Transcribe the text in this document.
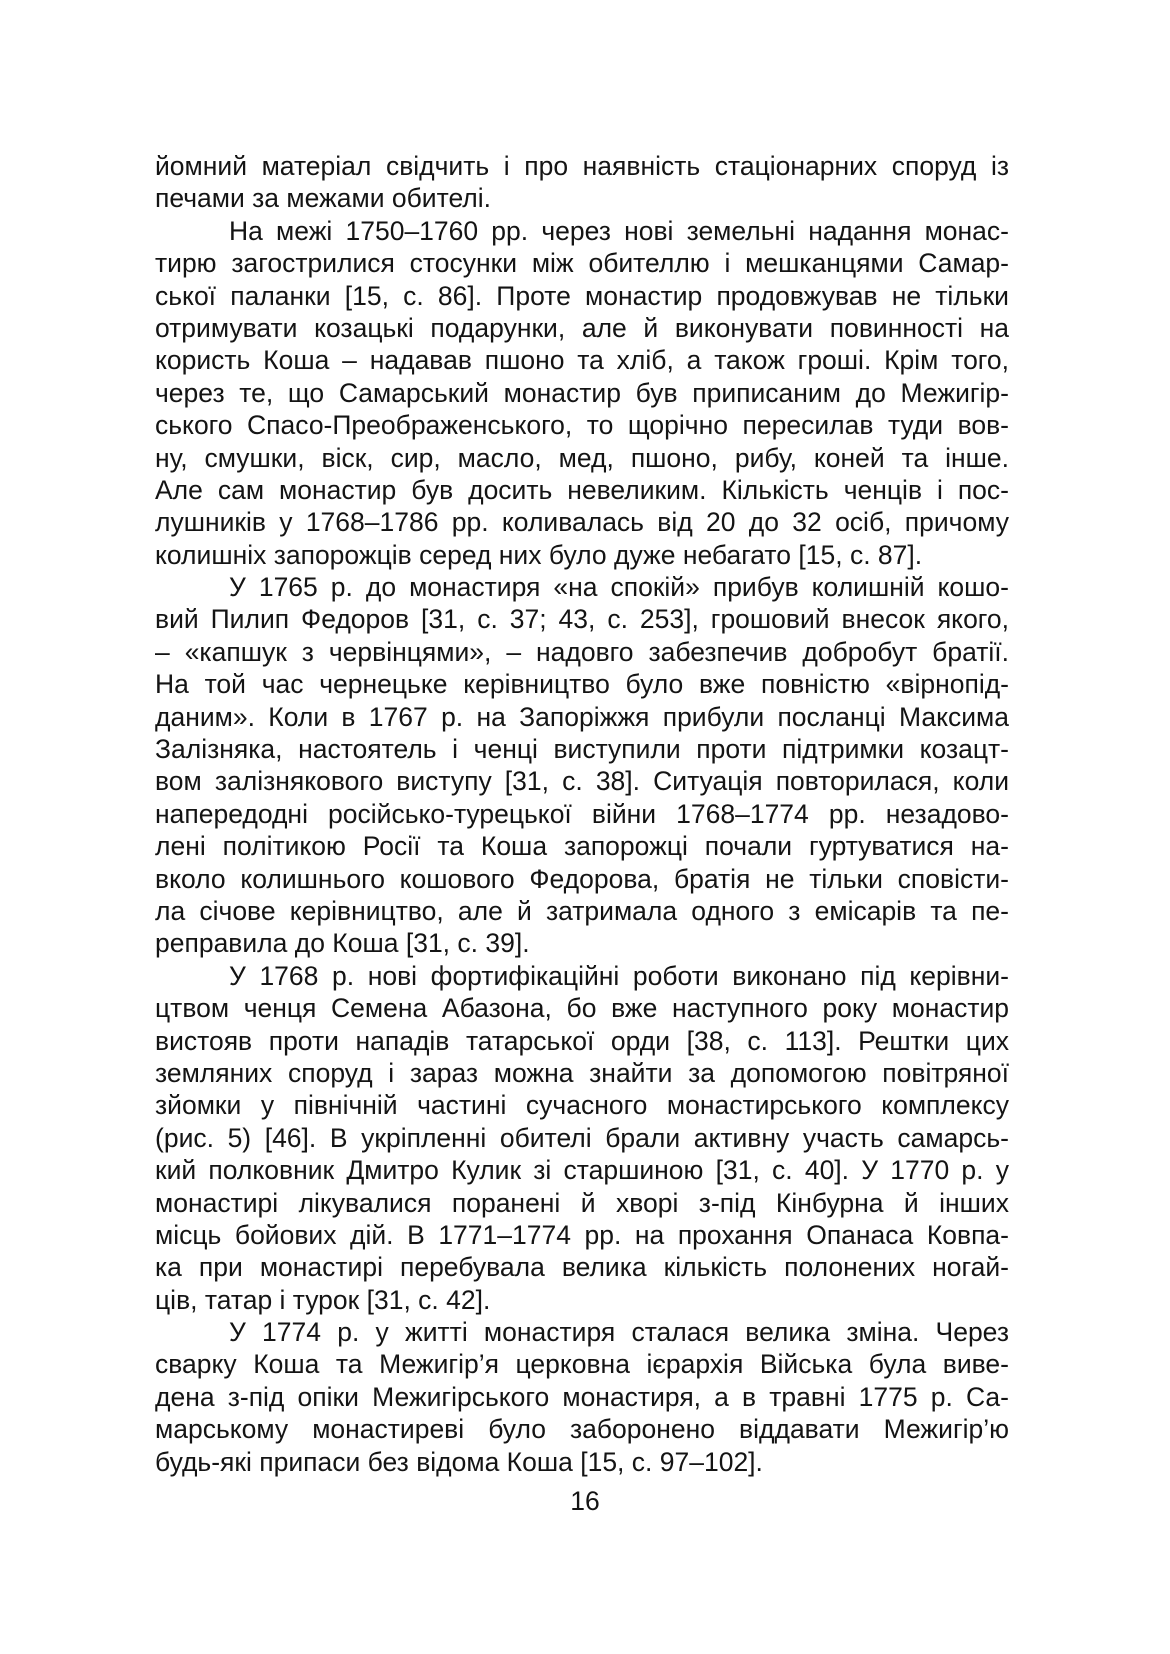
йомний матеріал свідчить і про наявність стаціонарних споруд із
печами за межами обителі.
На межі 1750–1760 рр. через нові земельні надання монас-
тирю загострилися стосунки між обителлю і мешканцями Самар-
ської паланки [15, с. 86]. Проте монастир продовжував не тільки
отримувати козацькі подарунки, але й виконувати повинності на
користь Коша – надавав пшоно та хліб, а також гроші. Крім того,
через те, що Самарський монастир був приписаним до Межигір-
ського Спасо-Преображенського, то щорічно пересилав туди вов-
ну, смушки, віск, сир, масло, мед, пшоно, рибу, коней та інше.
Але сам монастир був досить невеликим. Кількість ченців і пос-
лушників у 1768–1786 рр. коливалась від 20 до 32 осіб, причому
колишніх запорожців серед них було дуже небагато [15, с. 87].
У 1765 р. до монастиря «на спокій» прибув колишній кошо-
вий Пилип Федоров [31, с. 37; 43, с. 253], грошовий внесок якого,
– «капшук з червінцями», – надовго забезпечив добробут братії.
На той час чернецьке керівництво було вже повністю «вірнопід-
даним». Коли в 1767 р. на Запоріжжя прибули посланці Максима
Залізняка, настоятель і ченці виступили проти підтримки козацт-
вом залізнякового виступу [31, с. 38]. Ситуація повторилася, коли
напередодні російсько-турецької війни 1768–1774 рр. незадово-
лені політикою Росії та Коша запорожці почали гуртуватися на-
вколо колишнього кошового Федорова, братія не тільки сповісти-
ла січове керівництво, але й затримала одного з емісарів та пе-
реправила до Коша [31, с. 39].
У 1768 р. нові фортифікаційні роботи виконано під керівни-
цтвом ченця Семена Абазона, бо вже наступного року монастир
вистояв проти нападів татарської орди [38, с. 113]. Рештки цих
земляних споруд і зараз можна знайти за допомогою повітряної
зйомки у північній частині сучасного монастирського комплексу
(рис. 5) [46]. В укріпленні обителі брали активну участь самарсь-
кий полковник Дмитро Кулик зі старшиною [31, с. 40]. У 1770 р. у
монастирі лікувалися поранені й хворі з-під Кінбурна й інших
місць бойових дій. В 1771–1774 рр. на прохання Опанаса Ковпа-
ка при монастирі перебувала велика кількість полонених ногай-
ців, татар і турок [31, с. 42].
У 1774 р. у житті монастиря сталася велика зміна. Через
сварку Коша та Межигір’я церковна ієрархія Війська була виве-
дена з-під опіки Межигірського монастиря, а в травні 1775 р. Са-
марському монастиреві було заборонено віддавати Межигір’ю
будь-які припаси без відома Коша [15, с. 97–102].
16
